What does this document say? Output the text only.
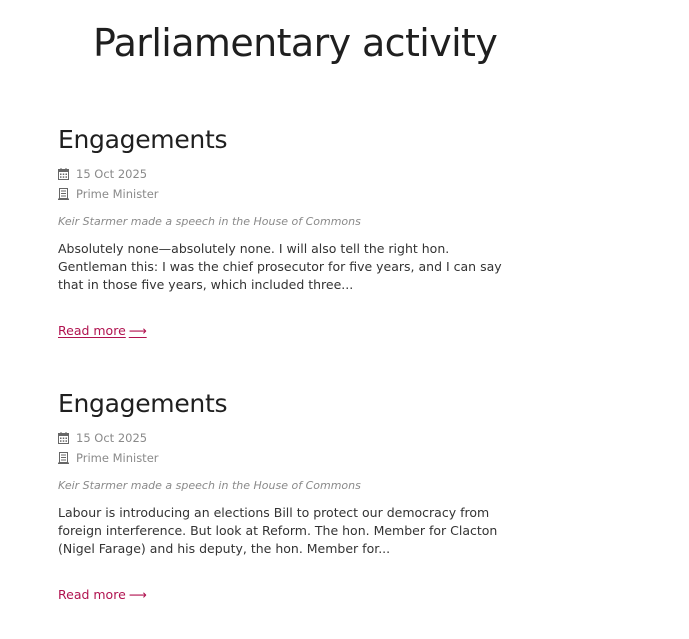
Parliamentary activity
Engagements
15 Oct 2025
Prime Minister
Keir Starmer made a speech in the House of Commons

Absolutely none—absolutely none. I will also tell the right hon. Gentleman this: I was the chief prosecutor for five years, and I can say that in those five years, which included three...

Read more ⟶
Engagements
15 Oct 2025
Prime Minister
Keir Starmer made a speech in the House of Commons

Labour is introducing an elections Bill to protect our democracy from foreign interference. But look at Reform. The hon. Member for Clacton (Nigel Farage) and his deputy, the hon. Member for...

Read more ⟶
